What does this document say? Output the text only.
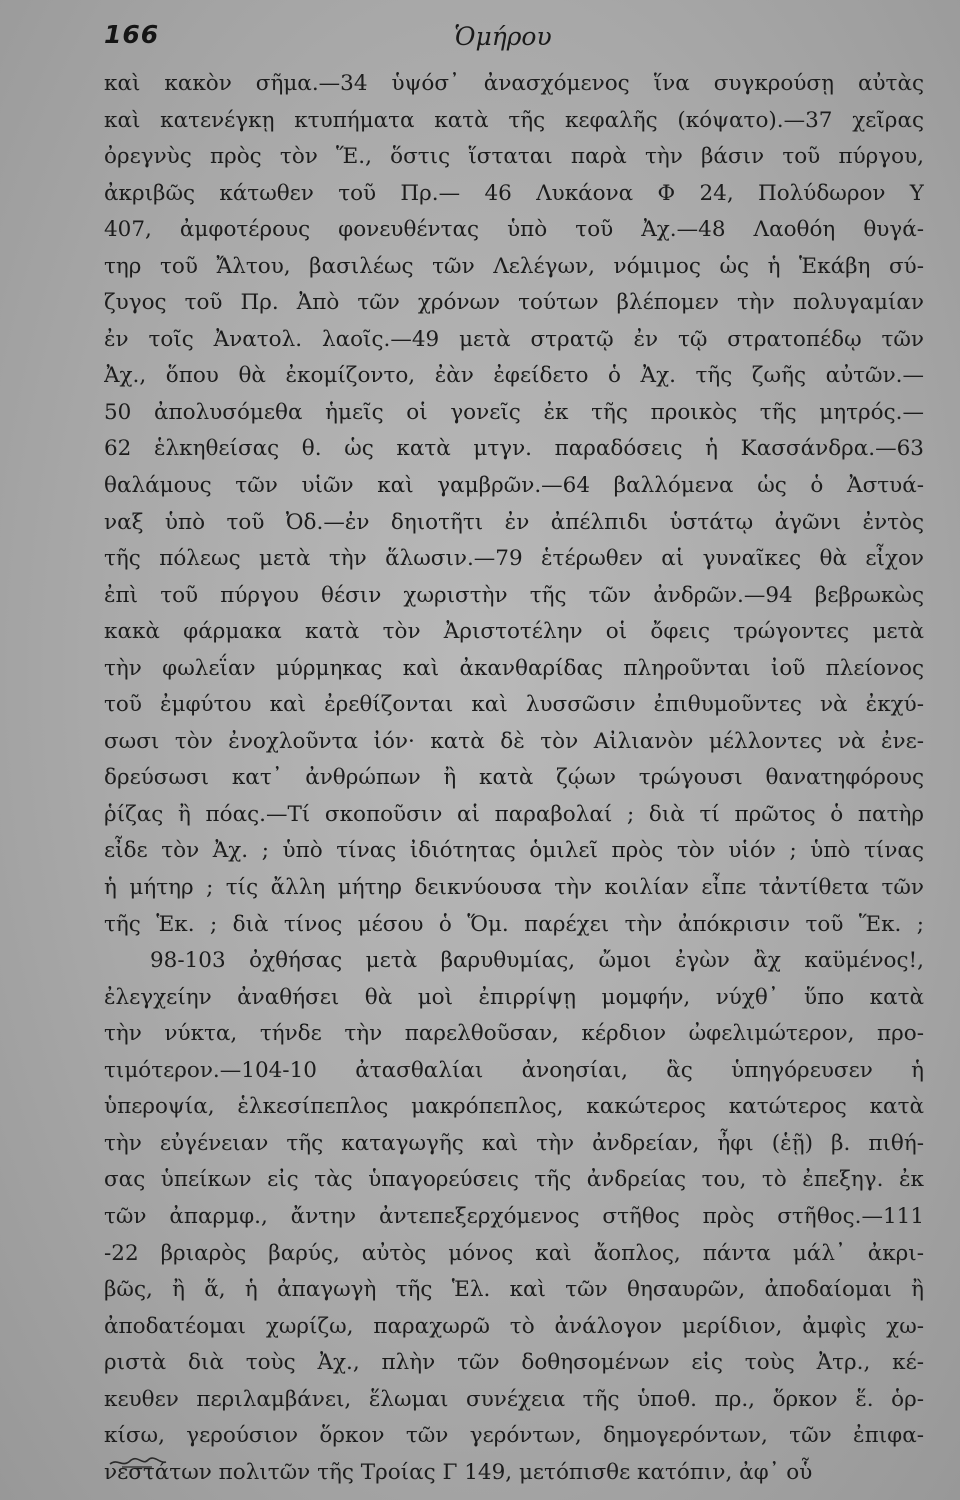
166	Ὁμήρου
καὶ κακὸν σῆμα.—34 ὑψόσ᾽ ἀνασχόμενος ἵνα συγκρούσῃ αὐτὰς
καὶ κατενέγκῃ κτυπήματα κατὰ τῆς κεφαλῆς (κόψατο).—37 χεῖρας
ὀρεγνὺς πρὸς τὸν Ἕ., ὅστις ἵσταται παρὰ τὴν βάσιν τοῦ πύργου,
ἀκριβῶς κάτωθεν τοῦ Πρ.— 46 Λυκάονα Φ 24, Πολύδωρον Υ
407, ἀμφοτέρους φονευθέντας ὑπὸ τοῦ Ἀχ.—48 Λαοθόη θυγά-
τηρ τοῦ Ἄλτου, βασιλέως τῶν Λελέγων, νόμιμος ὡς ἡ Ἑκάβη σύ-
ζυγος τοῦ Πρ. Ἀπὸ τῶν χρόνων τούτων βλέπομεν τὴν πολυγαμίαν
ἐν τοῖς Ἀνατολ. λαοῖς.—49 μετὰ στρατῷ ἐν τῷ στρατοπέδῳ τῶν
Ἀχ., ὅπου θὰ ἐκομίζοντο, ἐὰν ἐφείδετο ὁ Ἀχ. τῆς ζωῆς αὐτῶν.—
50 ἀπολυσόμεθα ἡμεῖς οἱ γονεῖς ἐκ τῆς προικὸς τῆς μητρός.—
62 ἑλκηθείσας θ. ὡς κατὰ μτγν. παραδόσεις ἡ Κασσάνδρα.—63
θαλάμους τῶν υἱῶν καὶ γαμβρῶν.—64 βαλλόμενα ὡς ὁ Ἀστυά-
ναξ ὑπὸ τοῦ Ὀδ.—ἐν δηιοτῆτι ἐν ἀπέλπιδι ὑστάτῳ ἀγῶνι ἐντὸς
τῆς πόλεως μετὰ τὴν ἅλωσιν.—79 ἑτέρωθεν αἱ γυναῖκες θὰ εἶχον
ἐπὶ τοῦ πύργου θέσιν χωριστὴν τῆς τῶν ἀνδρῶν.—94 βεβρωκὼς
κακὰ φάρμακα κατὰ τὸν Ἀριστοτέλην οἱ ὄφεις τρώγοντες μετὰ
τὴν φωλεΐαν μύρμηκας καὶ ἀκανθαρίδας πληροῦνται ἰοῦ πλείονος
τοῦ ἐμφύτου καὶ ἐρεθίζονται καὶ λυσσῶσιν ἐπιθυμοῦντες νὰ ἐκχύ-
σωσι τὸν ἐνοχλοῦντα ἰόν· κατὰ δὲ τὸν Αἰλιανὸν μέλλοντες νὰ ἐνε-
δρεύσωσι κατ᾽ ἀνθρώπων ἢ κατὰ ζῴων τρώγουσι θανατηφόρους
ῥίζας ἢ πόας.—Τί σκοποῦσιν αἱ παραβολαί ; διὰ τί πρῶτος ὁ πατὴρ
εἶδε τὸν Ἀχ. ; ὑπὸ τίνας ἰδιότητας ὁμιλεῖ πρὸς τὸν υἱόν ; ὑπὸ τίνας
ἡ μήτηρ ; τίς ἄλλη μήτηρ δεικνύουσα τὴν κοιλίαν εἶπε τἀντίθετα τῶν
τῆς Ἑκ. ; διὰ τίνος μέσου ὁ Ὅμ. παρέχει τὴν ἀπόκρισιν τοῦ Ἕκ. ;
98-103 ὀχθήσας μετὰ βαρυθυμίας, ὤμοι ἐγὼν ἂχ καϋμένος!,
ἐλεγχείην ἀναθήσει θὰ μοὶ ἐπιρρίψῃ μομφήν, νύχθ᾽ ὕπο κατὰ
τὴν νύκτα, τήνδε τὴν παρελθοῦσαν, κέρδιον ὠφελιμώτερον, προ-
τιμότερον.—104-10 ἀτασθαλίαι ἀνοησίαι, ἃς ὑπηγόρευσεν ἡ
ὑπεροψία, ἑλκεσίπεπλος μακρόπεπλος, κακώτερος κατώτερος κατὰ
τὴν εὐγένειαν τῆς καταγωγῆς καὶ τὴν ἀνδρείαν, ἦφι (ἑῇ) β. πιθή-
σας ὑπείκων εἰς τὰς ὑπαγορεύσεις τῆς ἀνδρείας του, τὸ ἐπεξηγ. ἐκ
τῶν ἀπαρμφ., ἄντην ἀντεπεξερχόμενος στῆθος πρὸς στῆθος.—111
-22 βριαρὸς βαρύς, αὐτὸς μόνος καὶ ἄοπλος, πάντα μάλ᾽ ἀκρι-
βῶς, ἢ ἅ, ἡ ἀπαγωγὴ τῆς Ἑλ. καὶ τῶν θησαυρῶν, ἀποδαίομαι ἢ
ἀποδατέομαι χωρίζω, παραχωρῶ τὸ ἀνάλογον μερίδιον, ἀμφὶς χω-
ριστὰ διὰ τοὺς Ἀχ., πλὴν τῶν δοθησομένων εἰς τοὺς Ἀτρ., κέ-
κευθεν περιλαμβάνει, ἕλωμαι συνέχεια τῆς ὑποθ. πρ., ὅρκον ἕ. ὁρ-
κίσω, γερούσιον ὅρκον τῶν γερόντων, δημογερόντων, τῶν ἐπιφα-
νεστάτων πολιτῶν τῆς Τροίας Γ 149, μετόπισθε κατόπιν, ἀφ᾽ οὗ
